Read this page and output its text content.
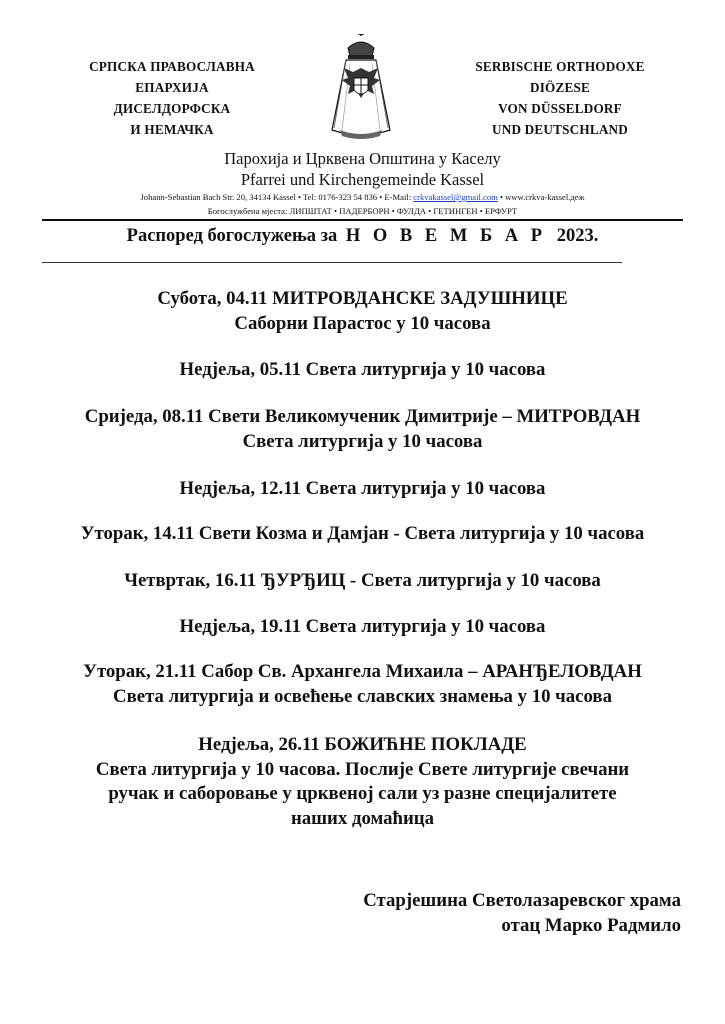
СРПСКА ПРАВОСЛАВНА
ЕПАРХИЈА
ДИСЕЛДОРФСКА
И НЕМАЧКА
SERBISCHE ORTHODOXE
DIÖZESE
VON DÜSSELDORF
UND DEUTSCHLAND
Парохија и Црквена Општина у Каселу
Pfarrei und Kirchengemeinde Kassel
Johann-Sebastian Bach Str. 20, 34134 Kassel • Tel: 0176-323 54 836 • E-Mail: crkvakassel@gmail.com • www.crkva-kassel.деж
Богослужбена мјеста: ЛИПШТАТ • ПАДЕРБОРН • ФУЛДА • ГЕТИНГЕН • ЕРФУРТ
Распоред богослужења за Н О В Е М Б А Р 2023.
Субота, 04.11 МИТРОВДАНСКЕ ЗАДУШНИЦЕ
Саборни Парастос у 10 часова
Недјеља, 05.11 Света литургија у 10 часова
Сриједа, 08.11 Свети Великомученик Димитрије – МИТРОВДАН
Света литургија у 10 часова
Недјеља, 12.11 Света литургија у 10 часова
Уторак, 14.11 Свети Козма и Дамјан - Света литургија у 10 часова
Четвртак, 16.11 ЂУРЂИЦ - Света литургија у 10 часова
Недјеља, 19.11 Света литургија у 10 часова
Уторак, 21.11 Сабор Св. Архангела Михаила – АРАНЂЕЛОВДАН
Света литургија и освећење славских знамења у 10 часова
Недјеља, 26.11 БОЖИЋНЕ ПОКЛАДЕ
Света литургија у 10 часова. Послије Свете литургије свечани
ручак и саборовање у црквеној сали уз разне специјалитете
наших домаћица
Старјешина Светолазаревског храма
отац Марко Радмило
